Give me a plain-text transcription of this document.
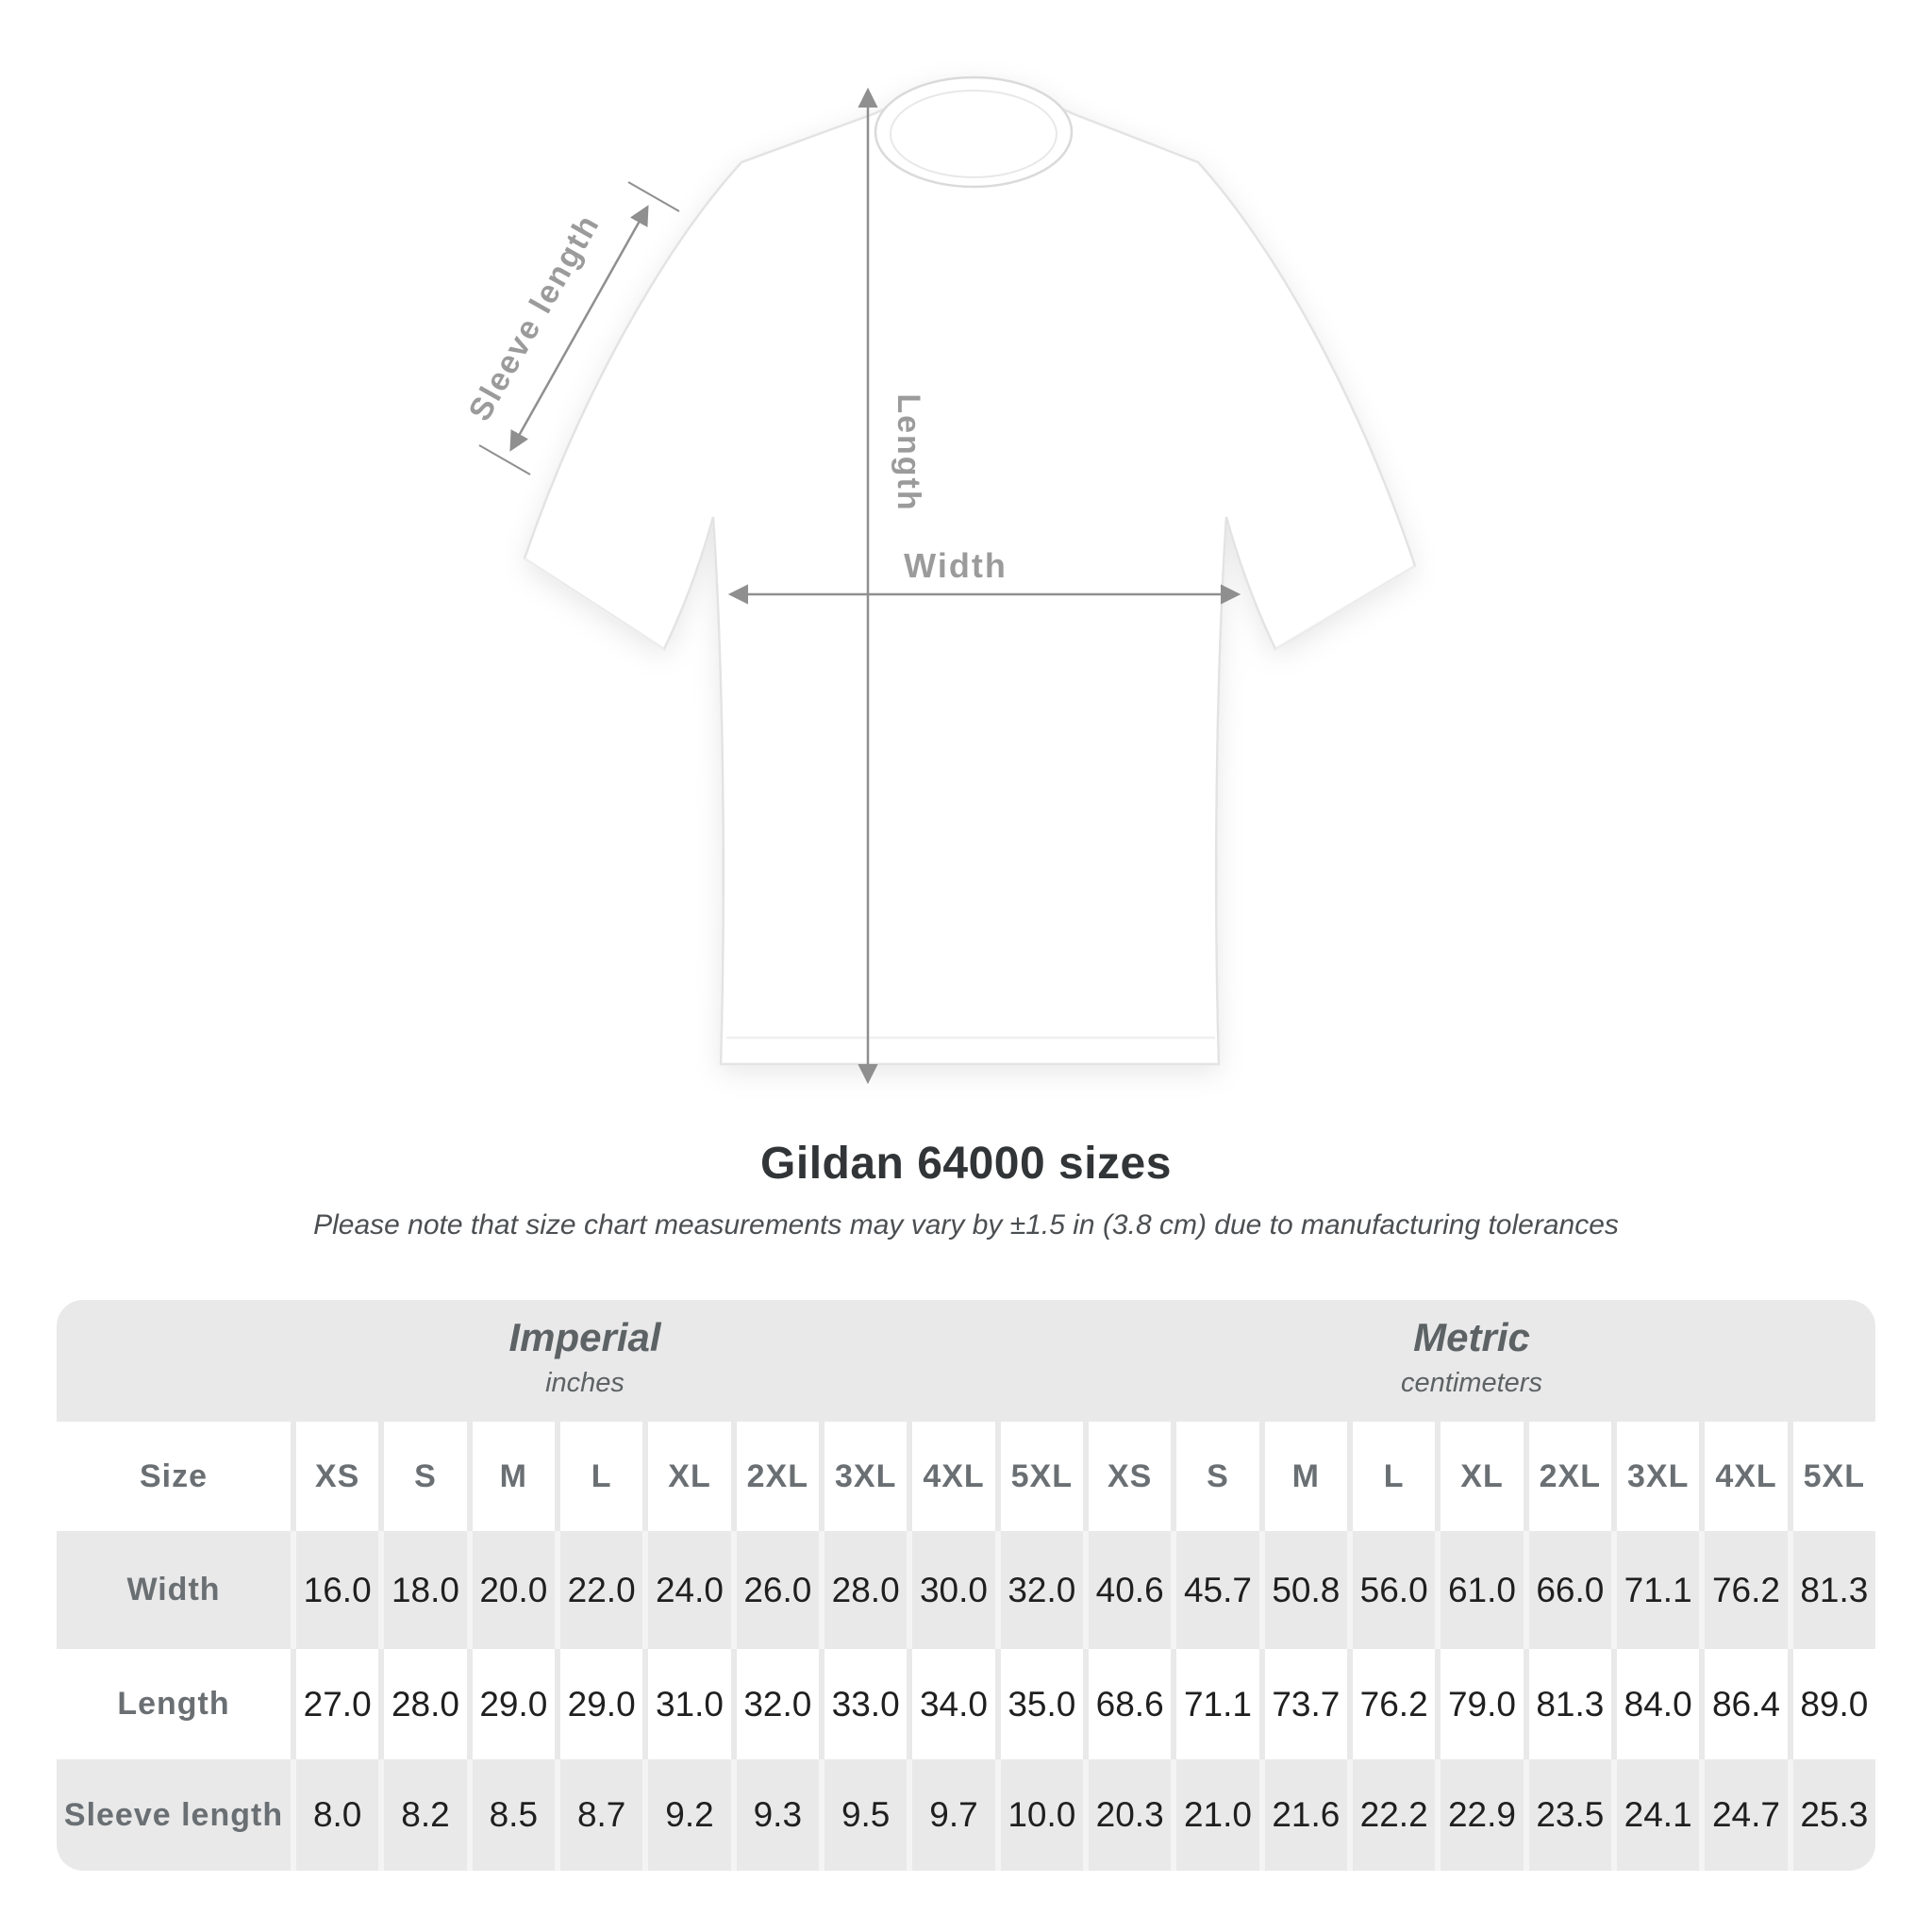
Length
Width
Sleeve length
Gildan 64000 sizes
Please note that size chart measurements may vary by ±1.5 in (3.8 cm) due to manufacturing tolerances
Imperial
inches
Metric
centimeters
Size	XS	S	M	L	XL	2XL 3XL 4XL 5XL	XS	S	M	L	XL	2XL 3XL 4XL 5XL
Width	16.0 18.0 20.0 22.0 24.0 26.0 28.0 30.0 32.0 40.6 45.7 50.8 56.0 61.0 66.0 71.1 76.2 81.3
Length	27.0 28.0 29.0 29.0 31.0 32.0 33.0 34.0 35.0 68.6 71.1 73.7 76.2 79.0 81.3 84.0 86.4 89.0
Sleeve length 8.0	8.2	8.5	8.7	9.2	9.3	9.5	9.7 10.0 20.3 21.0 21.6 22.2 22.9 23.5 24.1 24.7 25.3
